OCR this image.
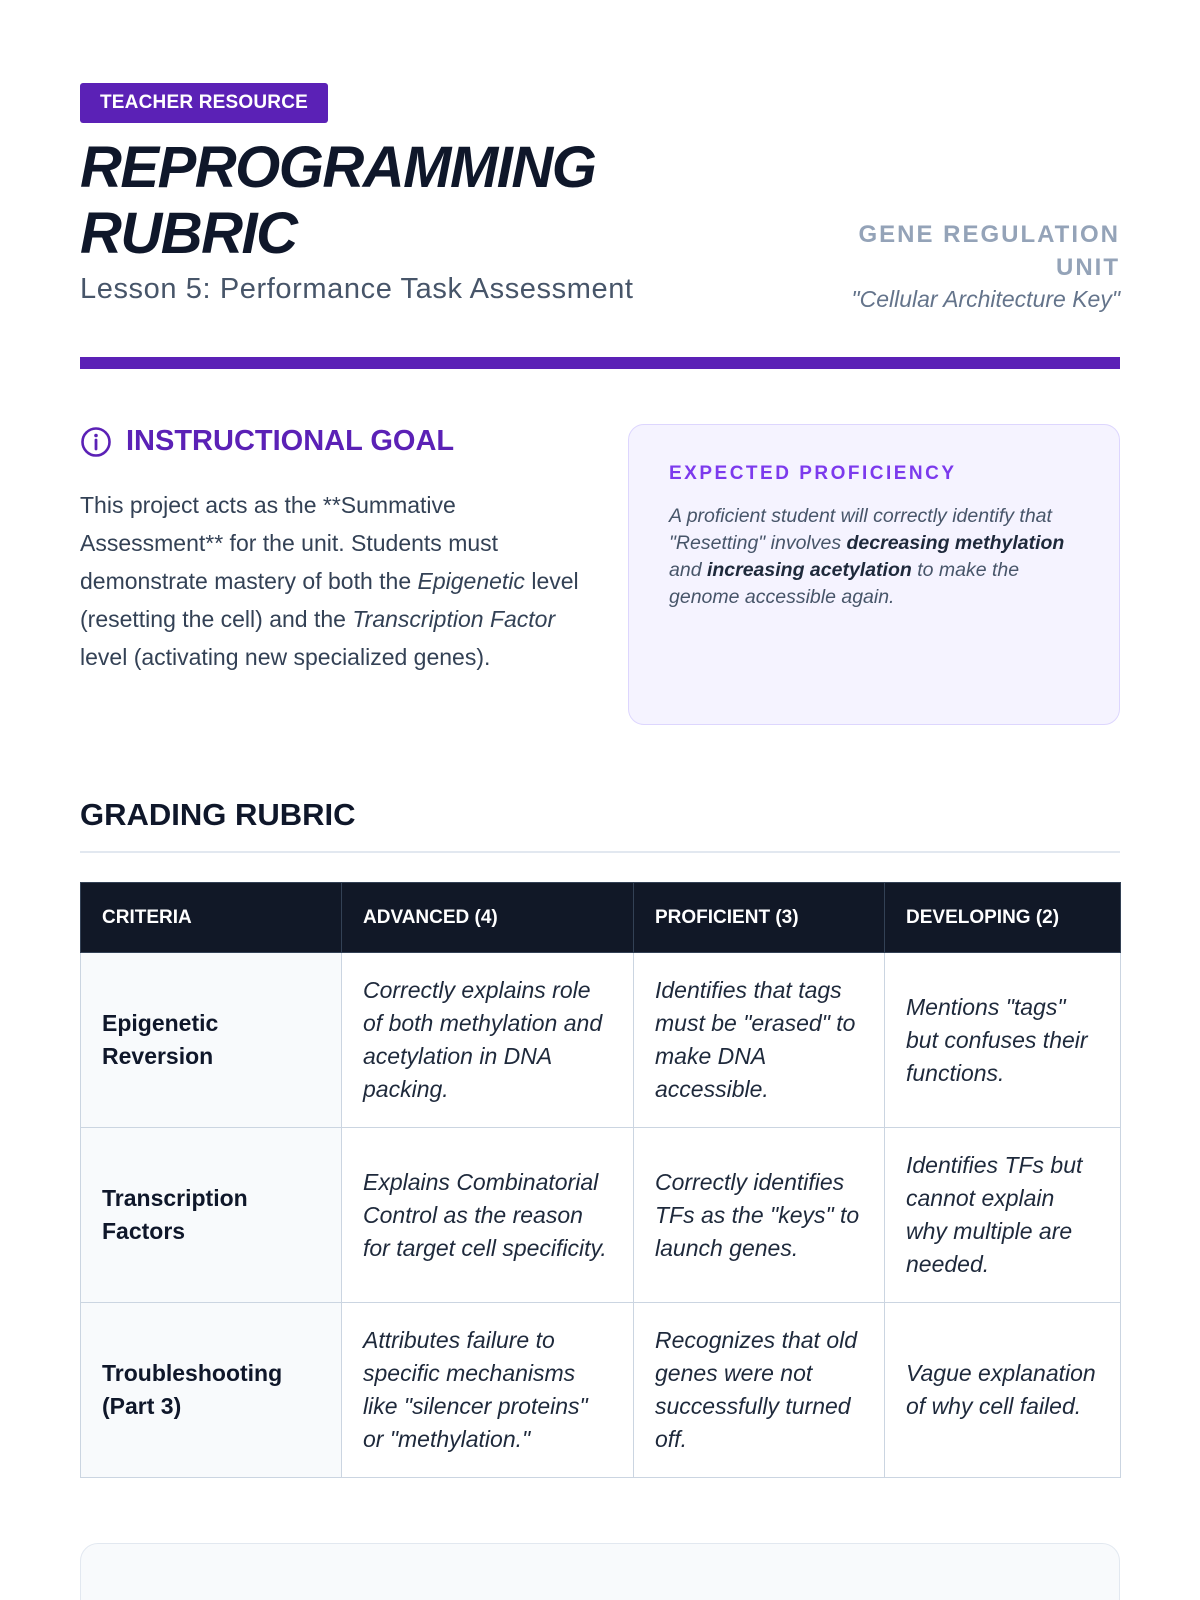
TEACHER RESOURCE
REPROGRAMMING RUBRIC
Lesson 5: Performance Task Assessment
GENE REGULATION UNIT
"Cellular Architecture Key"
INSTRUCTIONAL GOAL

This project acts as the **Summative Assessment** for the unit. Students must demonstrate mastery of both the Epigenetic level (resetting the cell) and the Transcription Factor level (activating new specialized genes).

EXPECTED PROFICIENCY

A proficient student will correctly identify that "Resetting" involves decreasing methylation and increasing acetylation to make the genome accessible again.

GRADING RUBRIC
CRITERIA	ADVANCED (4)	PROFICIENT (3)	DEVELOPING (2)
Epigenetic Reversion	Correctly explains role of both methylation and acetylation in DNA packing.	Identifies that tags must be "erased" to make DNA accessible.	Mentions "tags" but confuses their functions.
Transcription Factors	Explains Combinatorial Control as the reason for target cell specificity.	Correctly identifies TFs as the "keys" to launch genes.	Identifies TFs but cannot explain why multiple are needed.
Troubleshooting (Part 3)	Attributes failure to specific mechanisms like "silencer proteins" or "methylation."	Recognizes that old genes were not successfully turned off.	Vague explanation of why cell failed.
